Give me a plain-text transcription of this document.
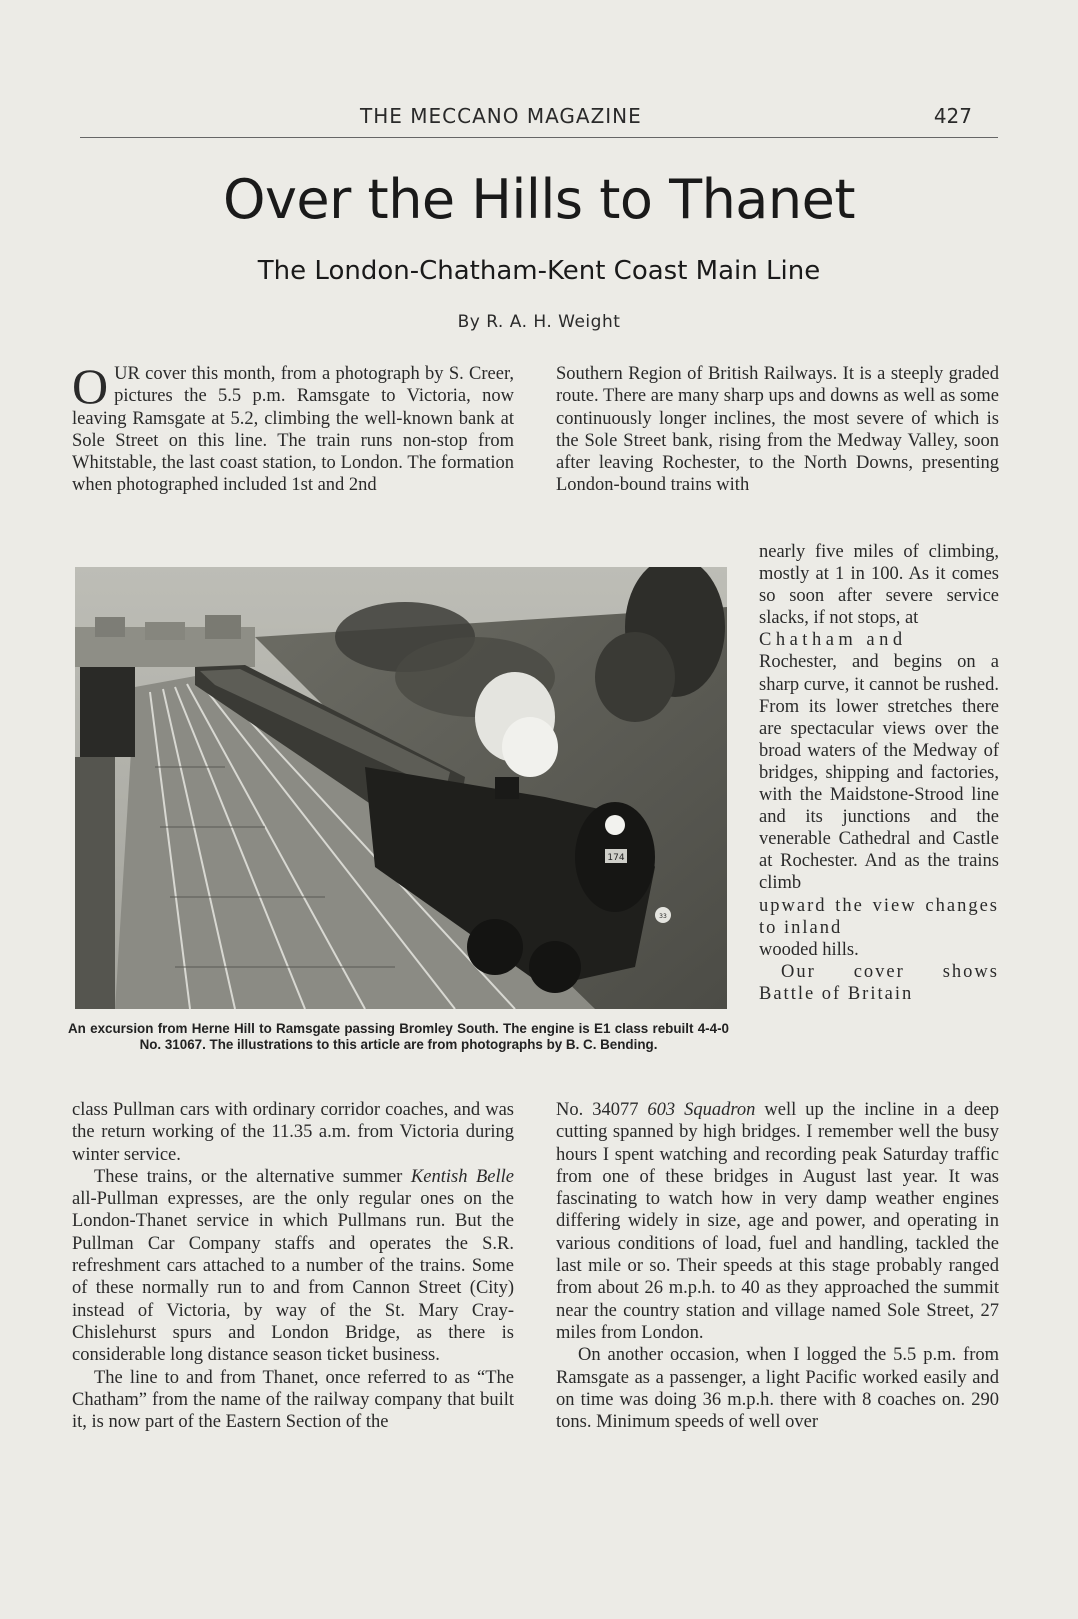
THE MECCANO MAGAZINE	427
Over the Hills to Thanet
The London-Chatham-Kent Coast Main Line
By R. A. H. Weight

OUR cover this month, from a photograph by S. Creer, pictures the 5.5 p.m. Ramsgate to Victoria, now leaving Ramsgate at 5.2, climbing the well-known bank at Sole Street on this line. The train runs non-stop from Whitstable, the last coast station, to London. The formation when photographed included 1st and 2nd

Southern Region of British Railways. It is a steeply graded route. There are many sharp ups and downs as well as some continuously longer inclines, the most severe of which is the Sole Street bank, rising from the Medway Valley, soon after leaving Rochester, to the North Downs, presenting London-bound trains with

174
33
An excursion from Herne Hill to Ramsgate passing Bromley South. The engine is E1 class rebuilt 4-4-0 No. 31067. The illustrations to this article are from photographs by B. C. Bending.

nearly five miles of climbing, mostly at 1 in 100. As it comes so soon after severe service slacks, if not stops, at

Chatham and

Rochester, and begins on a sharp curve, it cannot be rushed. From its lower stretches there are spectacular views over the broad waters of the Medway of bridges, shipping and factories, with the Maidstone-Strood line and its junctions and the venerable Cathedral and Castle at Rochester. And as the trains climb

upward the view changes to inland

wooded hills.

Our cover shows Battle of Britain

class Pullman cars with ordinary corridor coaches, and was the return working of the 11.35 a.m. from Victoria during winter service.

These trains, or the alternative summer Kentish Belle all-Pullman expresses, are the only regular ones on the London-Thanet service in which Pullmans run. But the Pullman Car Company staffs and operates the S.R. refreshment cars attached to a number of the trains. Some of these normally run to and from Cannon Street (City) instead of Victoria, by way of the St. Mary Cray-Chislehurst spurs and London Bridge, as there is considerable long distance season ticket business.

The line to and from Thanet, once referred to as “The Chatham” from the name of the railway company that built it, is now part of the Eastern Section of the

No. 34077 603 Squadron well up the incline in a deep cutting spanned by high bridges. I remember well the busy hours I spent watching and recording peak Saturday traffic from one of these bridges in August last year. It was fascinating to watch how in very damp weather engines differing widely in size, age and power, and operating in various conditions of load, fuel and handling, tackled the last mile or so. Their speeds at this stage probably ranged from about 26 m.p.h. to 40 as they approached the summit near the country station and village named Sole Street, 27 miles from London.

On another occasion, when I logged the 5.5 p.m. from Ramsgate as a passenger, a light Pacific worked easily and on time was doing 36 m.p.h. there with 8 coaches on. 290 tons. Minimum speeds of well over
